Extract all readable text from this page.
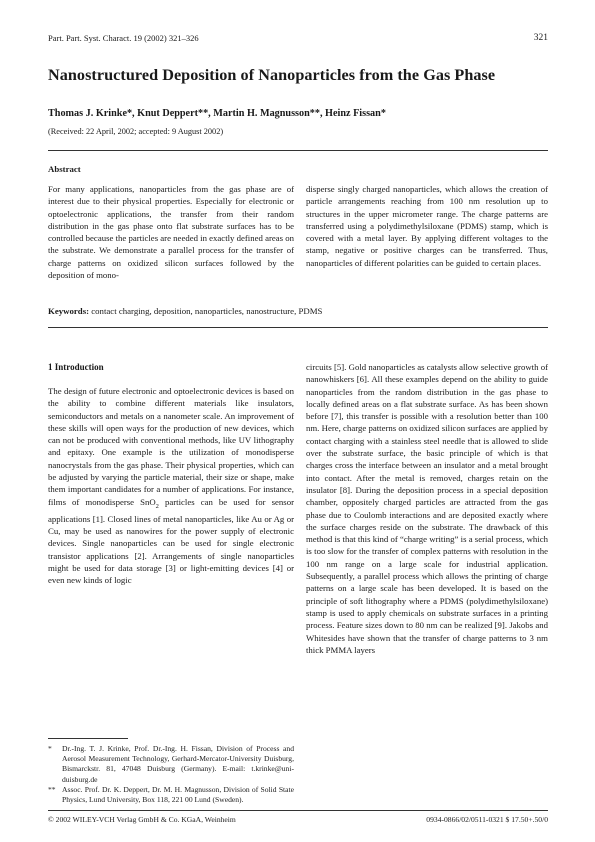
Part. Part. Syst. Charact. 19 (2002) 321–326	321
Nanostructured Deposition of Nanoparticles from the Gas Phase
Thomas J. Krinke*, Knut Deppert**, Martin H. Magnusson**, Heinz Fissan*
(Received: 22 April, 2002; accepted: 9 August 2002)
Abstract

For many applications, nanoparticles from the gas phase are of interest due to their physical properties. Especially for electronic or optoelectronic applications, the transfer from their random distribution in the gas phase onto flat substrate surfaces has to be controlled because the particles are needed in exactly defined areas on the substrate. We demonstrate a parallel process for the transfer of charge patterns on oxidized silicon surfaces followed by the deposition of mono-

disperse singly charged nanoparticles, which allows the creation of particle arrangements reaching from 100 nm resolution up to structures in the upper micrometer range. The charge patterns are transferred using a polydimethylsiloxane (PDMS) stamp, which is covered with a metal layer. By applying different voltages to the stamp, negative or positive charges can be transferred. Thus, nanoparticles of different polarities can be guided to certain places.

Keywords: contact charging, deposition, nanoparticles, nanostructure, PDMS
1 Introduction

The design of future electronic and optoelectronic devices is based on the ability to combine different materials like insulators, semiconductors and metals on a nanometer scale. An improvement of these skills will open ways for the production of new devices, which can not be produced with conventional methods, like UV lithography and epitaxy. One example is the utilization of monodisperse nanocrystals from the gas phase. Their physical properties, which can be adjusted by varying the particle material, their size or shape, make them important candidates for a number of applications. For instance, films of monodisperse SnO$_2$ particles can be used for sensor applications [1]. Closed lines of metal nanoparticles, like Au or Ag or Cu, may be used as nanowires for the power supply of electronic devices. Single nanoparticles can be used for single electronic transistor applications [2]. Arrangements of single nanoparticles might be used for data storage [3] or light-emitting devices [4] or even new kinds of logic

circuits [5]. Gold nanoparticles as catalysts allow selective growth of nanowhiskers [6]. All these examples depend on the ability to guide nanoparticles from the random distribution in the gas phase to locally defined areas on a flat substrate surface. As has been shown before [7], this transfer is possible with a resolution better than 100 nm. Here, charge patterns on oxidized silicon surfaces are applied by contact charging with a stainless steel needle that is allowed to slide over the substrate surface, the basic principle of which is that charges cross the interface between an insulator and a metal brought into contact. After the metal is removed, charges retain on the insulator [8]. During the deposition process in a special deposition chamber, oppositely charged particles are attracted from the gas phase due to Coulomb interactions and are deposited exactly where the surface charges reside on the substrate. The drawback of this method is that this kind of “charge writing” is a serial process, which is too slow for the transfer of complex patterns with resolution in the 100 nm range on a large scale for industrial application. Subsequently, a parallel process which allows the printing of charge patterns on a large scale has been developed. It is based on the principle of soft lithography where a PDMS (polydimethylsiloxane) stamp is used to apply chemicals on substrate surfaces in a printing process. Feature sizes down to 80 nm can be realized [9]. Jakobs and Whitesides have shown that the transfer of charge patterns to 3 nm thick PMMA layers

*	Dr.-Ing. T. J. Krinke, Prof. Dr.-Ing. H. Fissan, Division of Process and Aerosol Measurement Technology, Gerhard-Mercator-University Duisburg, Bismarckstr. 81, 47048 Duisburg (Germany). E-mail: t.krinke@uni-duisburg.de
** Assoc. Prof. Dr. K. Deppert, Dr. M. H. Magnusson, Division of Solid State Physics, Lund University, Box 118, 221 00 Lund (Sweden).
© 2002 WILEY-VCH Verlag GmbH & Co. KGaA, Weinheim	0934-0866/02/0511-0321 $ 17.50+.50/0
